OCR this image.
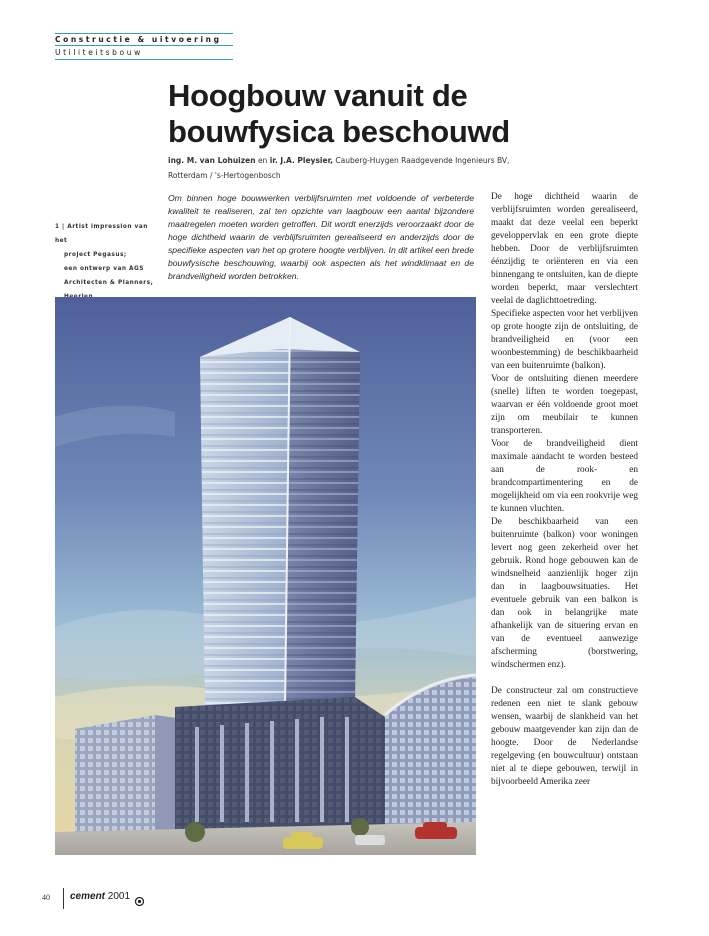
Constructie & uitvoering
Utiliteitsbouw
Hoogbouw vanuit de
bouwfysica beschouwd
ing. M. van Lohuizen en ir. J.A. Pleysier, Cauberg-Huygen Raadgevende Ingenieurs BV,
Rotterdam / 's-Hertogenbosch
Om binnen hoge bouwwerken verblijfsruimten met voldoende of verbeterde kwaliteit te realiseren, zal ten opzichte van laagbouw een aantal bijzondere maatregelen moeten worden getroffen. Dit wordt enerzijds veroorzaakt door de hoge dichtheid waarin de verblijfsruimten gerealiseerd en anderzijds door de specifieke aspecten van het op grotere hoogte verblijven. In dit artikel een brede bouwfysische beschouwing, waarbij ook aspecten als het windklimaat en de brandveiligheid worden betrokken.
1 | Artist impression van het
project Pegasus;
een ontwerp van AGS
Architecten & Planners,

De hoge dichtheid waarin de verblijfsruimten worden gerealiseerd, maakt dat deze veelal een beperkt geveloppervlak en een grote diepte hebben. Door de verblijfsruimten éénzijdig te oriënteren en via een binnengang te ontsluiten, kan de diepte worden beperkt, maar verslechtert veelal de daglichttoetreding.

Specifieke aspecten voor het verblijven op grote hoogte zijn de ontsluiting, de brandveiligheid en (voor een woonbestemming) de beschikbaarheid van een buitenruimte (balkon).

Voor de ontsluiting dienen meerdere (snelle) liften te worden toegepast, waarvan er één voldoende groot moet zijn om meubilair te kunnen transporteren.

Voor de brandveiligheid dient maximale aandacht te worden besteed aan de rook- en brandcompartimentering en de mogelijkheid om via een rookvrije weg te kunnen vluchten.

De beschikbaarheid van een buitenruimte (balkon) voor woningen levert nog geen zekerheid over het gebruik. Rond hoge gebouwen kan de windsnelheid aanzienlijk hoger zijn dan in laagbouwsituaties. Het eventuele gebruik van een balkon is dan ook in belangrijke mate afhankelijk van de situering ervan en van de eventueel aanwezige afscherming (borstwering, windschermen enz).

De constructeur zal om constructieve redenen een niet te slank gebouw wensen, waarbij de slankheid van het gebouw maatgevender kan zijn dan de hoogte. Door de Nederlandse regelgeving (en bouwcultuur) ontstaan niet al te diepe gebouwen, terwijl in bijvoorbeeld Amerika zeer

40 cement 2001
